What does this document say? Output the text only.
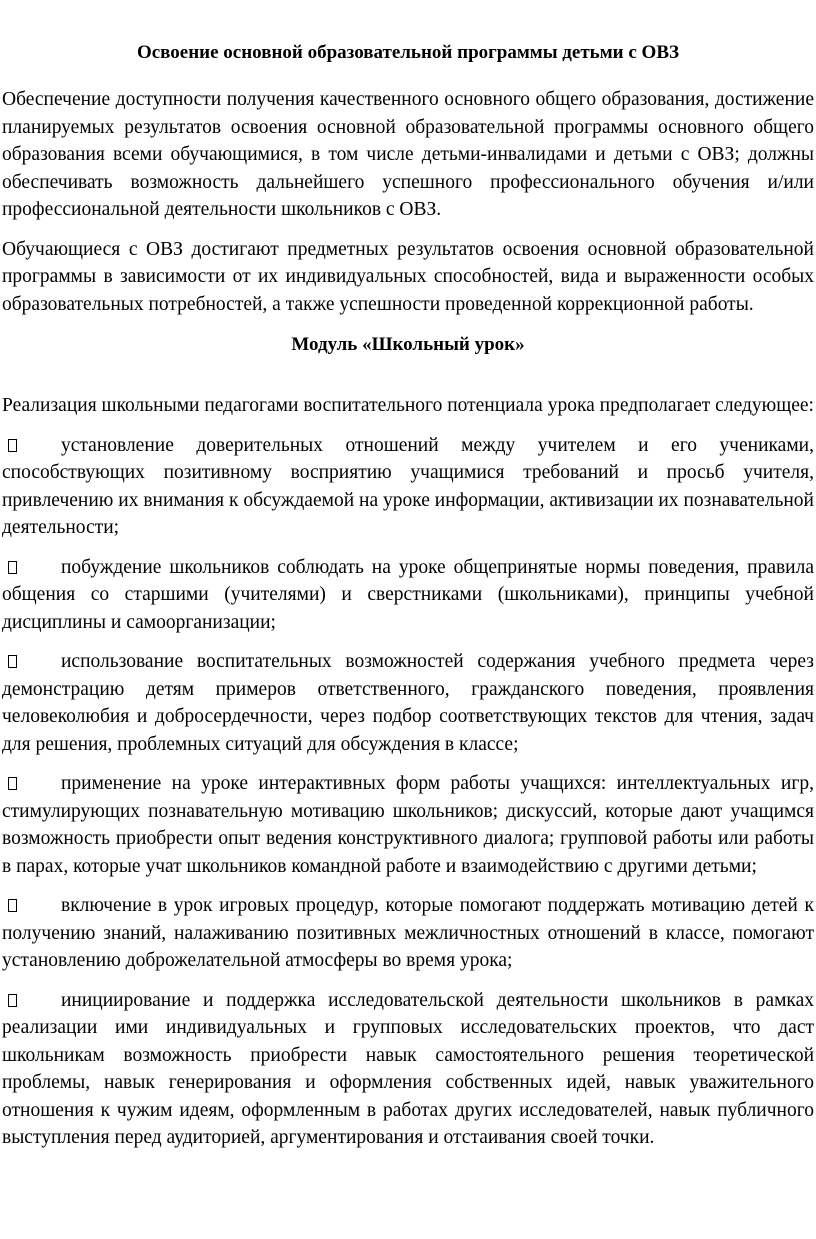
Освоение основной образовательной программы детьми с ОВЗ

Обеспечение доступности получения качественного основного общего образования, достижение планируемых результатов освоения основной образовательной программы основного общего образования всеми обучающимися, в том числе детьми-инвалидами и детьми с ОВЗ; должны обеспечивать возможность дальнейшего успешного профессионального обучения и/или профессиональной деятельности школьников с ОВЗ.

Обучающиеся с ОВЗ достигают предметных результатов освоения основной образовательной программы в зависимости от их индивидуальных способностей, вида и выраженности особых образовательных потребностей, а также успешности проведенной коррекционной работы.

Модуль «Школьный урок»

Реализация школьными педагогами воспитательного потенциала урока предполагает следующее:

установление доверительных отношений между учителем и его учениками, способствующих позитивному восприятию учащимися требований и просьб учителя, привлечению их внимания к обсуждаемой на уроке информации, активизации их познавательной деятельности;

побуждение школьников соблюдать на уроке общепринятые нормы поведения, правила общения со старшими (учителями) и сверстниками (школьниками), принципы учебной дисциплины и самоорганизации;

использование воспитательных возможностей содержания учебного предмета через демонстрацию детям примеров ответственного, гражданского поведения, проявления человеколюбия и добросердечности, через подбор соответствующих текстов для чтения, задач для решения, проблемных ситуаций для обсуждения в классе;

применение на уроке интерактивных форм работы учащихся: интеллектуальных игр, стимулирующих познавательную мотивацию школьников; дискуссий, которые дают учащимся возможность приобрести опыт ведения конструктивного диалога; групповой работы или работы в парах, которые учат школьников командной работе и взаимодействию с другими детьми;

включение в урок игровых процедур, которые помогают поддержать мотивацию детей к получению знаний, налаживанию позитивных межличностных отношений в классе, помогают установлению доброжелательной атмосферы во время урока;

инициирование и поддержка исследовательской деятельности школьников в рамках реализации ими индивидуальных и групповых исследовательских проектов, что даст школьникам возможность приобрести навык самостоятельного решения теоретической проблемы, навык генерирования и оформления собственных идей, навык уважительного отношения к чужим идеям, оформленным в работах других исследователей, навык публичного выступления перед аудиторией, аргументирования и отстаивания своей точки.
